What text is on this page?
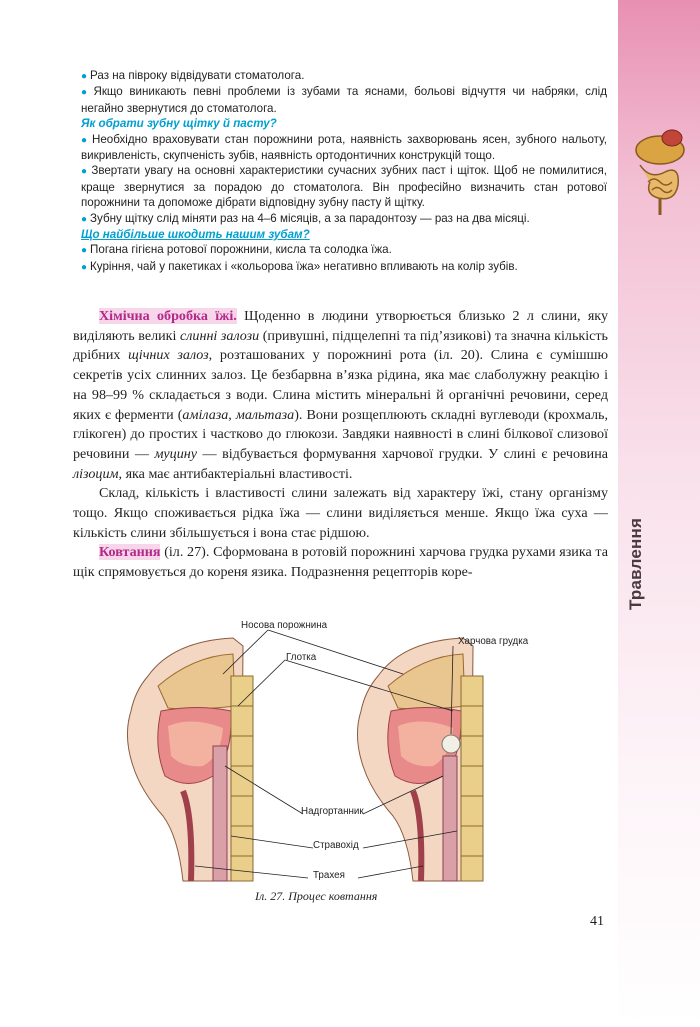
Травлення

● Раз на півроку відвідувати стоматолога.

● Якщо виникають певні проблеми із зубами та яснами, больові відчуття чи набряки, слід негайно звернутися до стоматолога.

Як обрати зубну щітку й пасту?

● Необхідно враховувати стан порожнини рота, наявність захворювань ясен, зубного нальоту, викривленість, скупченість зубів, наявність ортодонтичних конструкцій тощо.

● Звертати увагу на основні характеристики сучасних зубних паст і щіток. Щоб не помилитися, краще звернутися за порадою до стоматолога. Він професійно визначить стан ротової порожнини та допоможе дібрати відповідну зубну пасту й щітку.

● Зубну щітку слід міняти раз на 4–6 місяців, а за парадонтозу — раз на два місяці.

Що найбільше шкодить нашим зубам?

● Погана гігієна ротової порожнини, кисла та солодка їжа.

● Куріння, чай у пакетиках і «кольорова їжа» негативно впливають на колір зубів.

Хімічна обробка їжі. Щоденно в людини утворюється близько 2 л слини, яку виділяють великі слинні залози (привушні, підщелепні та під’язикові) та значна кількість дрібних щічних залоз, розташованих у порожнині рота (іл. 20). Слина є сумішшю секретів усіх слинних залоз. Це безбарвна в’язка рідина, яка має слаболужну реакцію і на 98–99 % складається з води. Слина містить мінеральні й органічні речовини, серед яких є ферменти (амілаза, мальтаза). Вони розщеплюють складні вуглеводи (крохмаль, глікоген) до простих і частково до глюкози. Завдяки наявності в слині білкової слизової речовини — муцину — відбувається формування харчової грудки. У слині є речовина лізоцим, яка має антибактеріальні властивості.

Склад, кількість і властивості слини залежать від характеру їжі, стану організму тощо. Якщо споживається рідка їжа — слини виділяється менше. Якщо їжа суха — кількість слини збільшується і вона стає рідшою.

Ковтання (іл. 27). Сформована в ротовій порожнині харчова грудка рухами язика та щік спрямовується до кореня язика. Подразнення рецепторів коре-

Носова порожнина
Харчова грудка
Глотка
Надгортанник
Стравохід
Трахея
Іл. 27. Процес ковтання
41
